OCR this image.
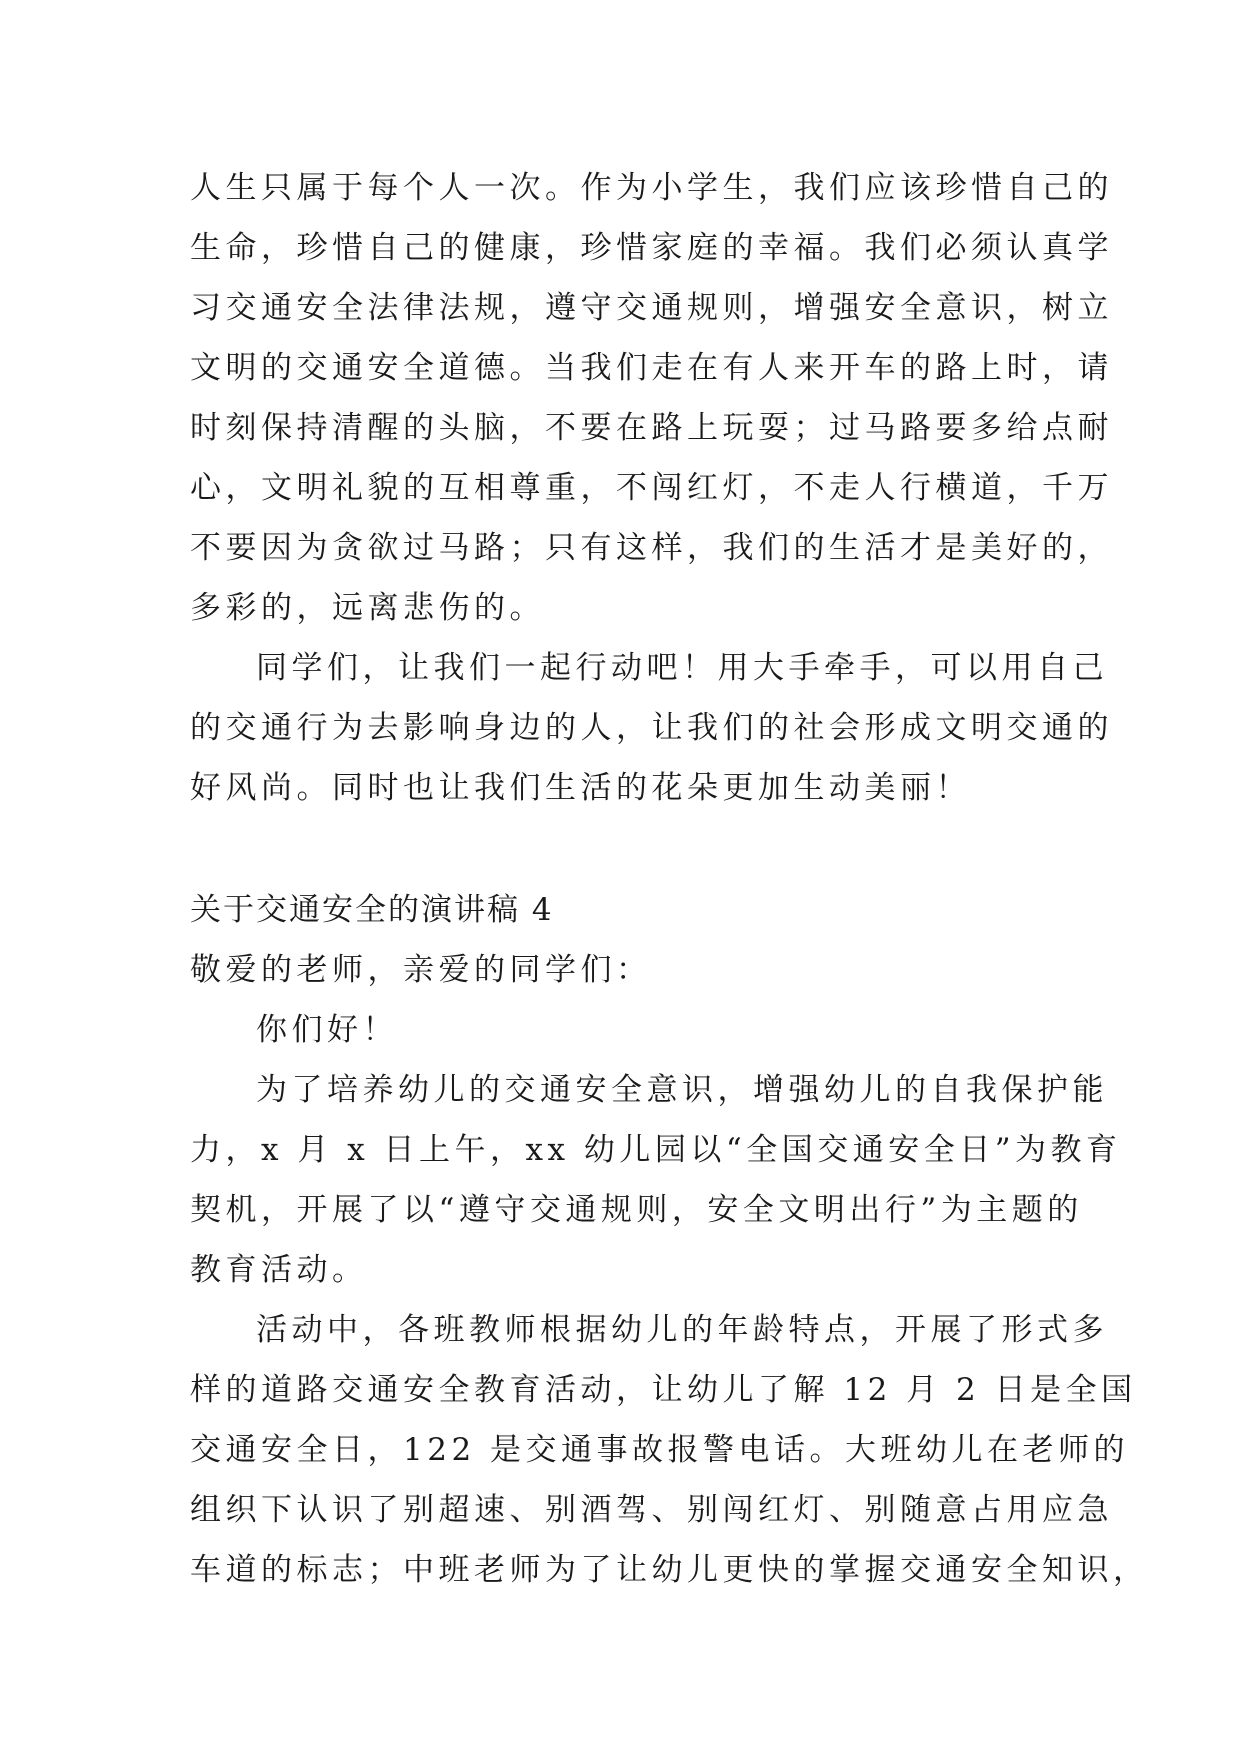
人生只属于每个人一次。作为小学生，我们应该珍惜自己的
生命，珍惜自己的健康，珍惜家庭的幸福。我们必须认真学
习交通安全法律法规，遵守交通规则，增强安全意识，树立
文明的交通安全道德。当我们走在有人来开车的路上时，请
时刻保持清醒的头脑，不要在路上玩耍；过马路要多给点耐
心，文明礼貌的互相尊重，不闯红灯，不走人行横道，千万
不要因为贪欲过马路；只有这样，我们的生活才是美好的，
多彩的，远离悲伤的。
同学们，让我们一起行动吧！用大手牵手，可以用自己
的交通行为去影响身边的人，让我们的社会形成文明交通的
好风尚。同时也让我们生活的花朵更加生动美丽！
关于交通安全的演讲稿 4
敬爱的老师，亲爱的同学们：
你们好！
为了培养幼儿的交通安全意识，增强幼儿的自我保护能
力，x 月 x 日上午，xx 幼儿园以“全国交通安全日”为教育
契机，开展了以“遵守交通规则，安全文明出行”为主题的
教育活动。
活动中，各班教师根据幼儿的年龄特点，开展了形式多
样的道路交通安全教育活动，让幼儿了解 12 月 2 日是全国
交通安全日，122 是交通事故报警电话。大班幼儿在老师的
组织下认识了别超速、别酒驾、别闯红灯、别随意占用应急
车道的标志；中班老师为了让幼儿更快的掌握交通安全知识，
